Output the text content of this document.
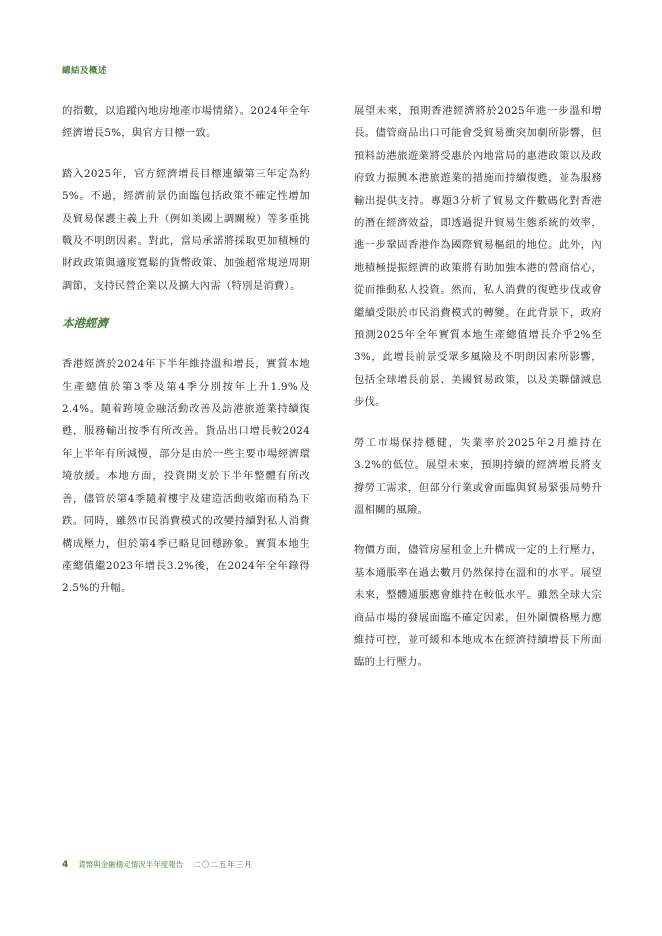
總結及概述

的指數，以追蹤內地房地產市場情緒）。2024年全年經濟增長5%，與官方目標一致。

踏入2025年，官方經濟增長目標連續第三年定為約5%。不過，經濟前景仍面臨包括政策不確定性增加及貿易保護主義上升（例如美國上調關稅）等多重挑戰及不明朗因素。對此，當局承諾將採取更加積極的財政政策與適度寬鬆的貨幣政策、加強超常規逆周期調節，支持民營企業以及擴大內需（特別是消費）。

本港經濟

香港經濟於2024年下半年維持溫和增長，實質本地生產總值於第3季及第4季分別按年上升1.9%及2.4%。隨着跨境金融活動改善及訪港旅遊業持續復甦，服務輸出按季有所改善。貨品出口增長較2024年上半年有所減慢，部分是由於一些主要市場經濟環境放緩。本地方面，投資開支於下半年整體有所改善，儘管於第4季隨着樓宇及建造活動收縮而稍為下跌。同時，雖然市民消費模式的改變持續對私人消費構成壓力，但於第4季已略見回穩跡象。實質本地生產總值繼2023年增長3.2%後，在2024年全年錄得2.5%的升幅。

展望未來，預期香港經濟將於2025年進一步溫和增長。儘管商品出口可能會受貿易衝突加劇所影響，但預料訪港旅遊業將受惠於內地當局的惠港政策以及政府致力振興本港旅遊業的措施而持續復甦，並為服務輸出提供支持。專題3分析了貿易文件數碼化對香港的潛在經濟效益，即透過提升貿易生態系統的效率，進一步鞏固香港作為國際貿易樞紐的地位。此外，內地積極提振經濟的政策將有助加強本港的營商信心，從而推動私人投資。然而，私人消費的復甦步伐或會繼續受限於市民消費模式的轉變。在此背景下，政府預測2025年全年實質本地生產總值增長介乎2%至3%，此增長前景受眾多風險及不明朗因素所影響，包括全球增長前景、美國貿易政策，以及美聯儲減息步伐。

勞工市場保持穩健，失業率於2025年2月維持在3.2%的低位。展望未來，預期持續的經濟增長將支撐勞工需求，但部分行業或會面臨與貿易緊張局勢升溫相關的風險。

物價方面，儘管房屋租金上升構成一定的上行壓力，基本通脹率在過去數月仍然保持在溫和的水平。展望未來，整體通脹應會維持在較低水平。雖然全球大宗商品市場的發展面臨不確定因素，但外圍價格壓力應維持可控，並可緩和本地成本在經濟持續增長下所面臨的上行壓力。

4 貨幣與金融穩定情況半年度報告 二〇二五年三月
